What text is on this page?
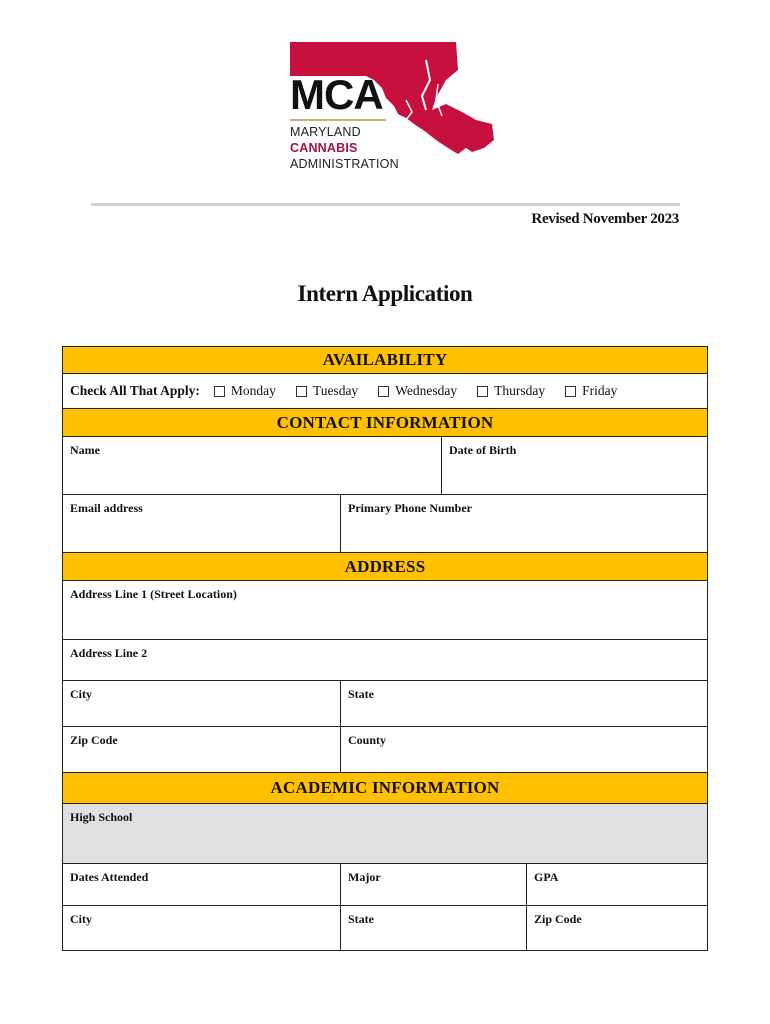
MCA
MARYLAND
CANNABIS
ADMINISTRATION
Revised November 2023
Intern Application
AVAILABILITY
Check All That Apply: Monday	Tuesday	Wednesday	Thursday	Friday
CONTACT INFORMATION
Name	Date of Birth
Email address	Primary Phone Number
ADDRESS
Address Line 1 (Street Location)
Address Line 2
City	State
Zip Code	County
ACADEMIC INFORMATION
High School
Dates Attended	Major	GPA
City	State	Zip Code
